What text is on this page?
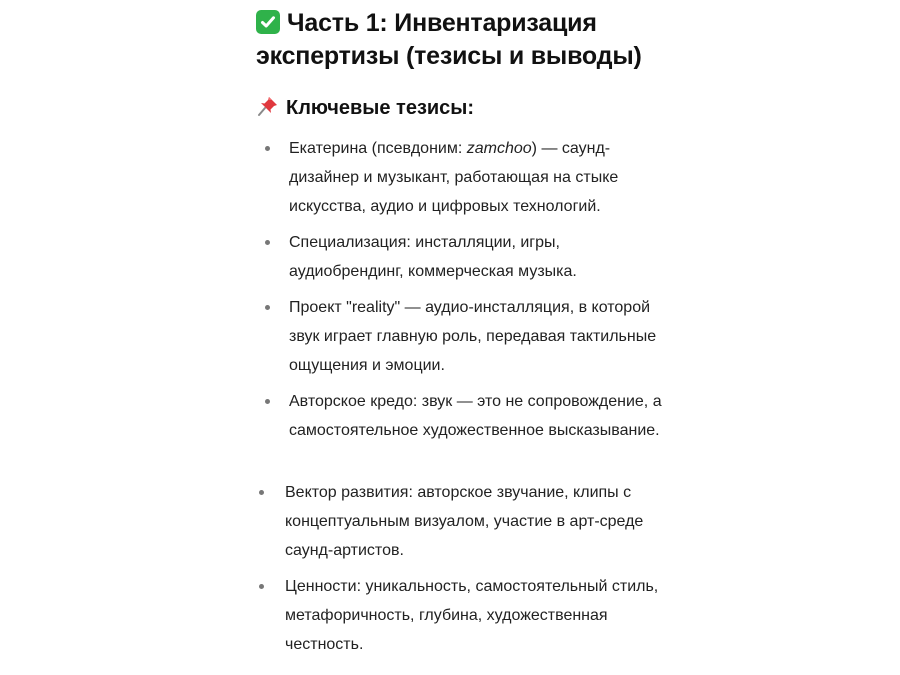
Часть 1: Инвентаризация экспертизы (тезисы и выводы)
Ключевые тезисы:
Екатерина (псевдоним: zamchoo) — саунд-дизайнер и музыкант, работающая на стыке искусства, аудио и цифровых технологий.
Специализация: инсталляции, игры, аудиобрендинг, коммерческая музыка.
Проект "reality" — аудио-инсталляция, в которой звук играет главную роль, передавая тактильные ощущения и эмоции.
Авторское кредо: звук — это не сопровождение, а самостоятельное художественное высказывание.
Вектор развития: авторское звучание, клипы с концептуальным визуалом, участие в арт-среде саунд-артистов.
Ценности: уникальность, самостоятельный стиль, метафоричность, глубина, художественная честность.
